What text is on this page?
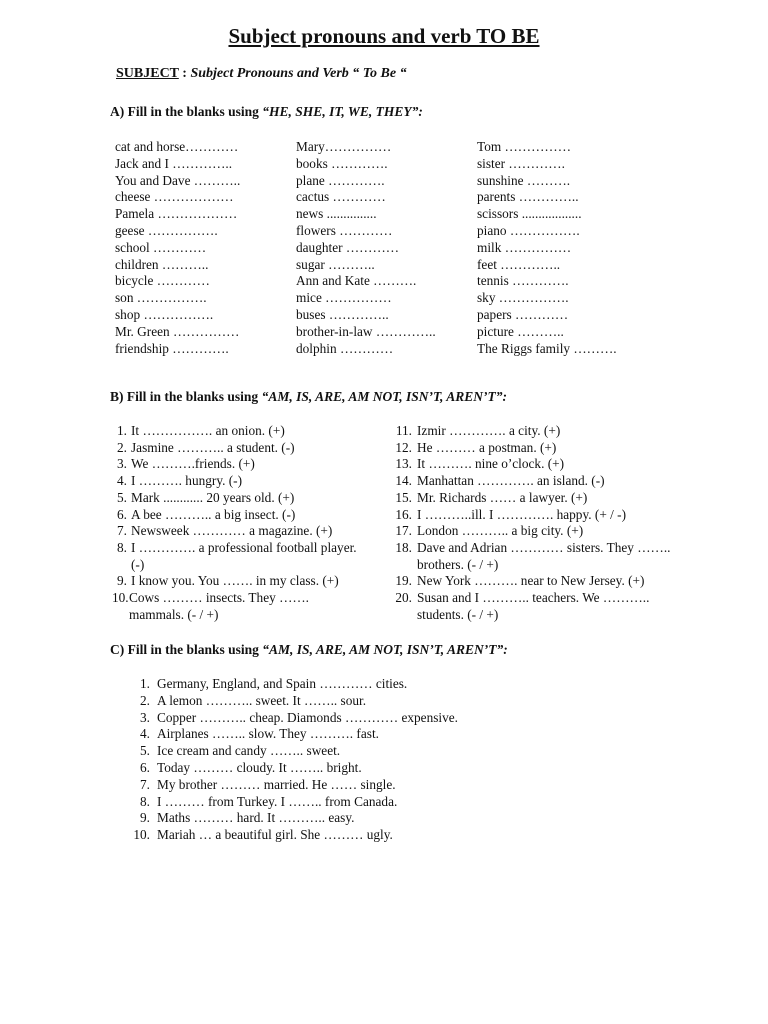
Subject pronouns and verb TO BE
SUBJECT : Subject Pronouns and Verb “ To Be “
A) Fill in the blanks using “HE, SHE, IT, WE, THEY”:
cat and horse…………
Jack and I …………..
You and Dave ………..
cheese ………………
Pamela ………………
geese …………….
school …………
children ………..
bicycle …………
son …………….
shop …………….
Mr. Green ……………
friendship ………….
Mary……………
books ………….
plane ………….
cactus …………
news ...............
flowers …………
daughter …………
sugar ………..
Ann and Kate ……….
mice ……………
buses …………..
brother-in-law …………..
dolphin …………
Tom ……………
sister ………….
sunshine ……….
parents …………..
scissors ..................
piano …………….
milk ……………
feet …………..
tennis ………….
sky …………….
papers …………
picture ………..
The Riggs family ……….
B) Fill in the blanks using “AM, IS, ARE, AM NOT, ISN’T, AREN’T”:
1. It ……………. an onion. (+)
2. Jasmine ……….. a student. (-)
3. We ……….friends. (+)
4. I ………. hungry. (-)
5. Mark ............ 20 years old. (+)
6. A bee ……….. a big insect. (-)
7. Newsweek ………… a magazine. (+)
8. I …………. a professional football player. (-)
9. I know you. You ……. in my class. (+)
10. Cows ……… insects. They ……. mammals. (- / +)
11. Izmir …………. a city. (+)
12. He ……… a postman. (+)
13. It ………. nine o’clock. (+)
14. Manhattan …………. an island. (-)
15. Mr. Richards …… a lawyer. (+)
16. I ………..ill. I …………. happy. (+ / -)
17. London ……….. a big city. (+)
18. Dave and Adrian ………… sisters. They …….. brothers. (- / +)
19. New York ………. near to New Jersey. (+)
20. Susan and I ……….. teachers. We ……….. students. (- / +)
C) Fill in the blanks using “AM, IS, ARE, AM NOT, ISN’T, AREN’T”:
1. Germany, England, and Spain ………… cities.
2. A lemon ……….. sweet. It …….. sour.
3. Copper ……….. cheap. Diamonds ………… expensive.
4. Airplanes …….. slow. They ………. fast.
5. Ice cream and candy …….. sweet.
6. Today ……… cloudy. It …….. bright.
7. My brother ……… married. He …… single.
8. I ……… from Turkey. I …….. from Canada.
9. Maths ……… hard. It ……….. easy.
10. Mariah … a beautiful girl. She ……… ugly.
